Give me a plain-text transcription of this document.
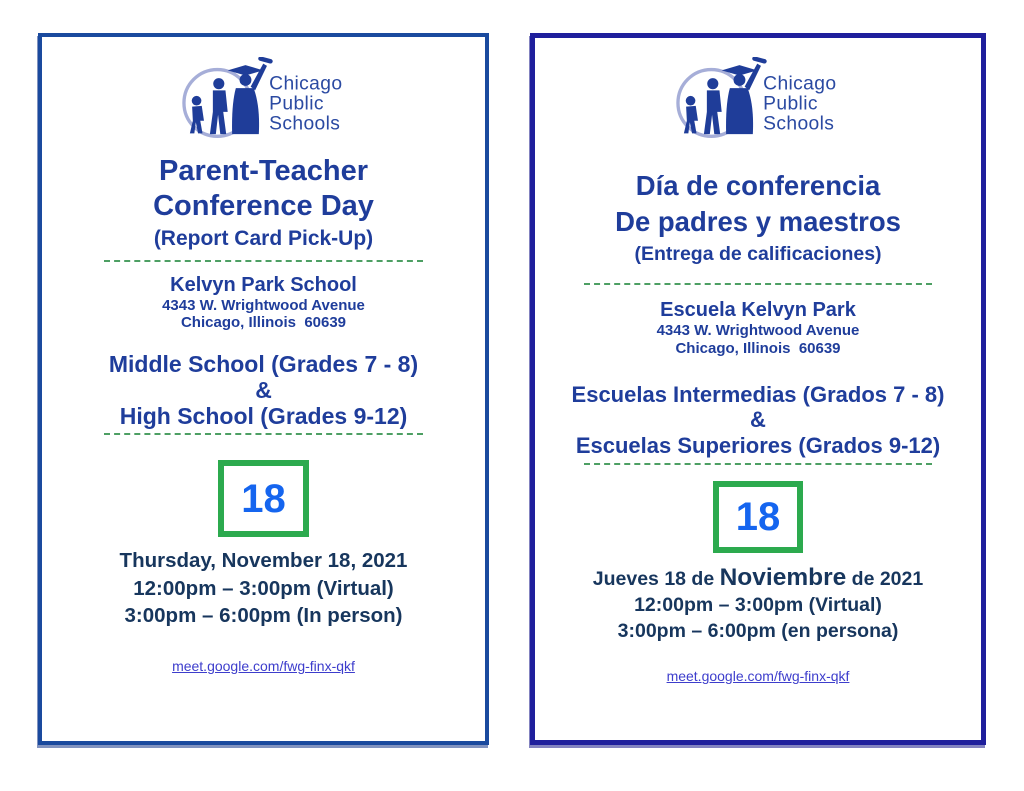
Chicago
Public
Schools
Parent-Teacher
Conference Day
(Report Card Pick-Up)
Kelvyn Park School
4343 W. Wrightwood Avenue
Chicago, Illinois  60639
Middle School (Grades 7 - 8)
&
High School (Grades 9-12)
18
Thursday, November 18, 2021
12:00pm – 3:00pm (Virtual)
3:00pm – 6:00pm (In person)
meet.google.com/fwg-finx-qkf
Chicago
Public
Schools
Día de conferencia
De padres y maestros
(Entrega de calificaciones)
Escuela Kelvyn Park
4343 W. Wrightwood Avenue
Chicago, Illinois  60639
Escuelas Intermedias (Grados 7 - 8)
&
Escuelas Superiores (Grados 9-12)
18
Jueves 18 de Noviembre de 2021
12:00pm – 3:00pm (Virtual)
3:00pm – 6:00pm (en persona)
meet.google.com/fwg-finx-qkf
